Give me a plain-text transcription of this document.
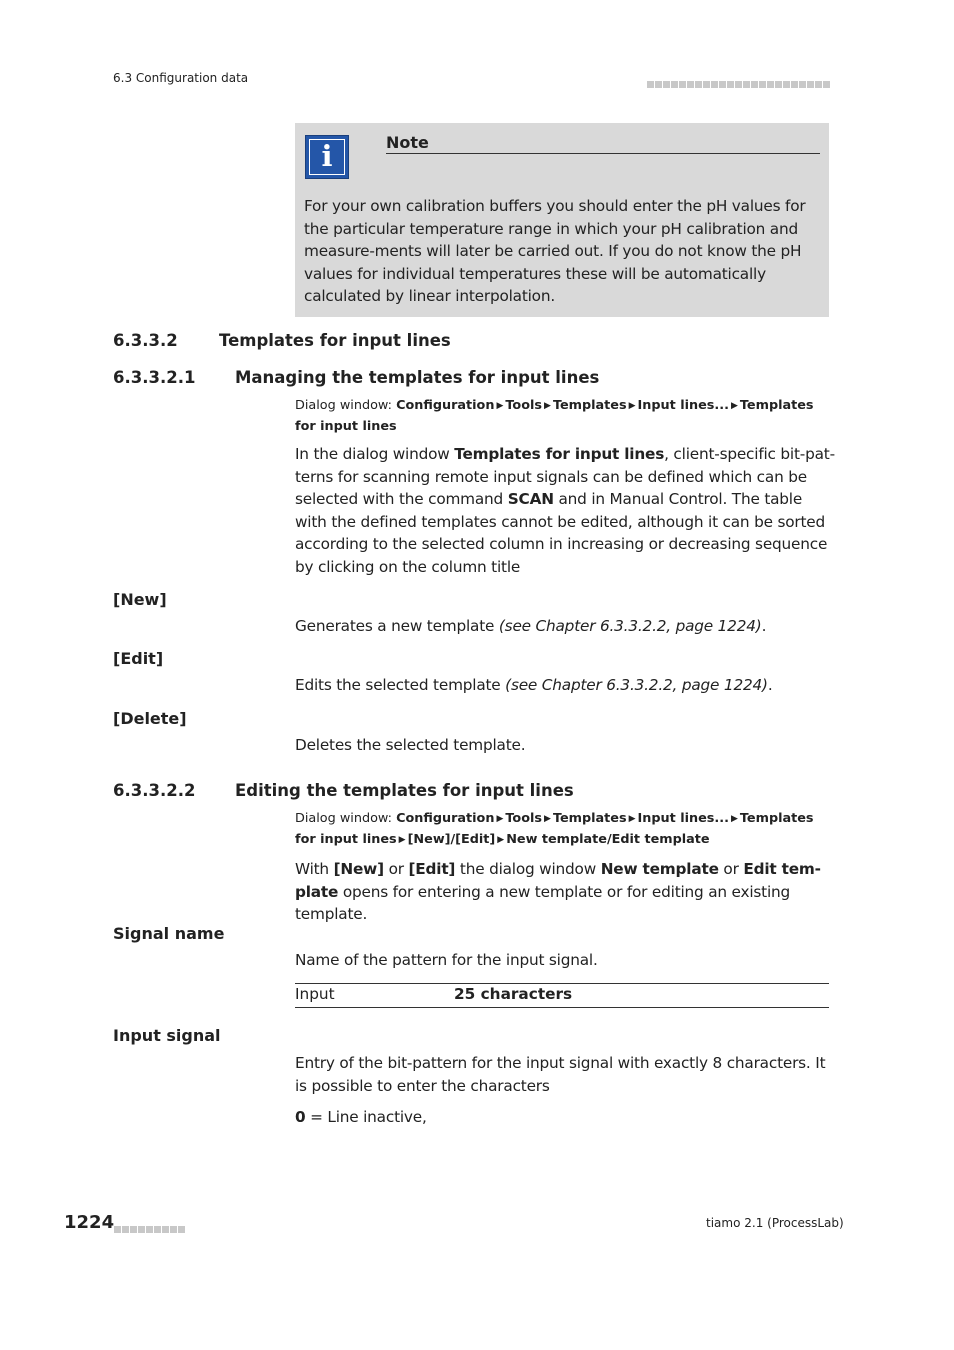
6.3 Configuration data
i	Note
For your own calibration buffers you should enter the pH values for the particular temperature range in which your pH calibration and measure-ments will later be carried out. If you do not know the pH values for individual temperatures these will be automatically calculated by linear interpolation.
6.3.3.2	Templates for input lines
6.3.3.2.1 Managing the templates for input lines
Dialog window: Configuration ▶ Tools ▶ Templates ▶ Input lines... ▶ Templates for input lines
In the dialog window Templates for input lines, client-specific bit-pat-terns for scanning remote input signals can be defined which can be selected with the command SCAN and in Manual Control. The table with the defined templates cannot be edited, although it can be sorted according to the selected column in increasing or decreasing sequence by clicking on the column title
[New]
Generates a new template (see Chapter 6.3.3.2.2, page 1224).
[Edit]
Edits the selected template (see Chapter 6.3.3.2.2, page 1224).
[Delete]
Deletes the selected template.
6.3.3.2.2 Editing the templates for input lines
Dialog window: Configuration ▶ Tools ▶ Templates ▶ Input lines... ▶ Templates for input lines ▶ [New]/[Edit] ▶ New template/Edit template
With [New] or [Edit] the dialog window New template or Edit tem-plate opens for entering a new template or for editing an existing template.
Signal name
Name of the pattern for the input signal.
Input	25 characters
Input signal
Entry of the bit-pattern for the input signal with exactly 8 characters. It is possible to enter the characters
0 = Line inactive,
1224	tiamo 2.1 (ProcessLab)
